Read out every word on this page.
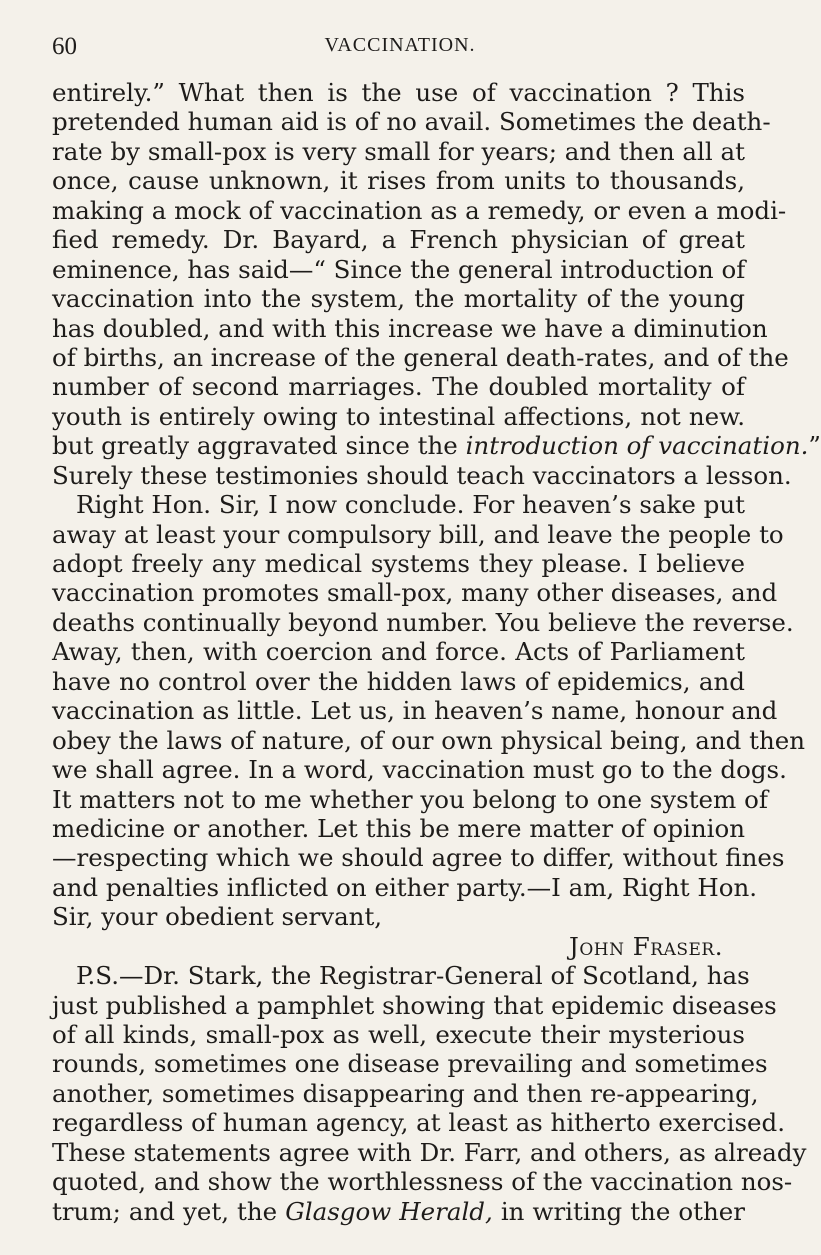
60	VACCINATION.
entirely.” What then is the use of vaccination ? This
pretended human aid is of no avail. Sometimes the death-
rate by small-pox is very small for years; and then all at
once, cause unknown, it rises from units to thousands,
making a mock of vaccination as a remedy, or even a modi-
fied remedy. Dr. Bayard, a French physician of great
eminence, has said—“ Since the general introduction of
vaccination into the system, the mortality of the young
has doubled, and with this increase we have a diminution
of births, an increase of the general death-rates, and of the
number of second marriages. The doubled mortality of
youth is entirely owing to intestinal affections, not new.
but greatly aggravated since the introduction of vaccination.”
Surely these testimonies should teach vaccinators a lesson.
Right Hon. Sir, I now conclude. For heaven’s sake put
away at least your compulsory bill, and leave the people to
adopt freely any medical systems they please. I believe
vaccination promotes small-pox, many other diseases, and
deaths continually beyond number. You believe the reverse.
Away, then, with coercion and force. Acts of Parliament
have no control over the hidden laws of epidemics, and
vaccination as little. Let us, in heaven’s name, honour and
obey the laws of nature, of our own physical being, and then
we shall agree. In a word, vaccination must go to the dogs.
It matters not to me whether you belong to one system of
medicine or another. Let this be mere matter of opinion
—respecting which we should agree to differ, without fines
and penalties inflicted on either party.—I am, Right Hon.
Sir, your obedient servant,
John Fraser.
P.S.—Dr. Stark, the Registrar-General of Scotland, has
just published a pamphlet showing that epidemic diseases
of all kinds, small-pox as well, execute their mysterious
rounds, sometimes one disease prevailing and sometimes
another, sometimes disappearing and then re-appearing,
regardless of human agency, at least as hitherto exercised.
These statements agree with Dr. Farr, and others, as already
quoted, and show the worthlessness of the vaccination nos-
trum; and yet, the Glasgow Herald, in writing the other
